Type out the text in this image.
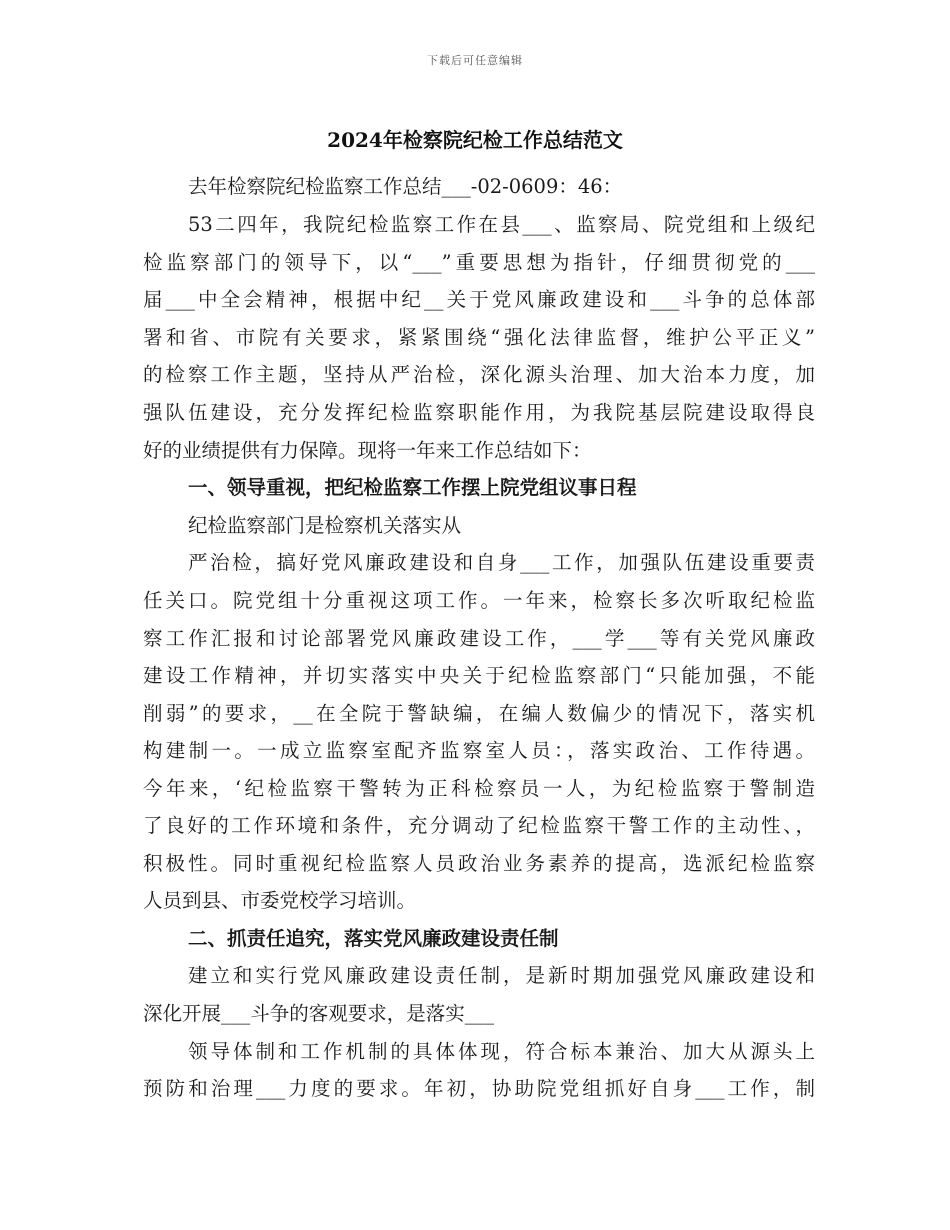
下载后可任意编辑
2024年检察院纪检工作总结范文
去年检察院纪检监察工作总结___-02-0609：46：
53二四年，我院纪检监察工作在县___、监察局、院党组和上级纪
检监察部门的领导下，以“___”重要思想为指针，仔细贯彻党的___
届___中全会精神，根据中纪__关于党风廉政建设和___斗争的总体部
署和省、市院有关要求，紧紧围绕“强化法律监督，维护公平正义”
的检察工作主题，坚持从严治检，深化源头治理、加大治本力度，加
强队伍建设，充分发挥纪检监察职能作用，为我院基层院建设取得良
好的业绩提供有力保障。现将一年来工作总结如下：
一、领导重视，把纪检监察工作摆上院党组议事日程
纪检监察部门是检察机关落实从
严治检，搞好党风廉政建设和自身___工作，加强队伍建设重要责
任关口。院党组十分重视这项工作。一年来，检察长多次听取纪检监
察工作汇报和讨论部署党风廉政建设工作，___学___等有关党风廉政
建设工作精神，并切实落实中央关于纪检监察部门“只能加强，不能
削弱”的要求，__在全院于警缺编，在编人数偏少的情况下，落实机
构建制一。一成立监察室配齐监察室人员：，落实政治、工作待遇。
今年来，‘纪检监察干警转为正科检察员一人，为纪检监察于警制造
了良好的工作环境和条件，充分调动了纪检监察干警工作的主动性、，
积极性。同时重视纪检监察人员政治业务素养的提高，选派纪检监察
人员到县、市委党校学习培训。
二、抓责任追究，落实党风廉政建设责任制
建立和实行党风廉政建设责任制，是新时期加强党风廉政建设和
深化开展___斗争的客观要求，是落实___
领导体制和工作机制的具体体现，符合标本兼治、加大从源头上
预防和治理___力度的要求。年初，协助院党组抓好自身___工作，制
